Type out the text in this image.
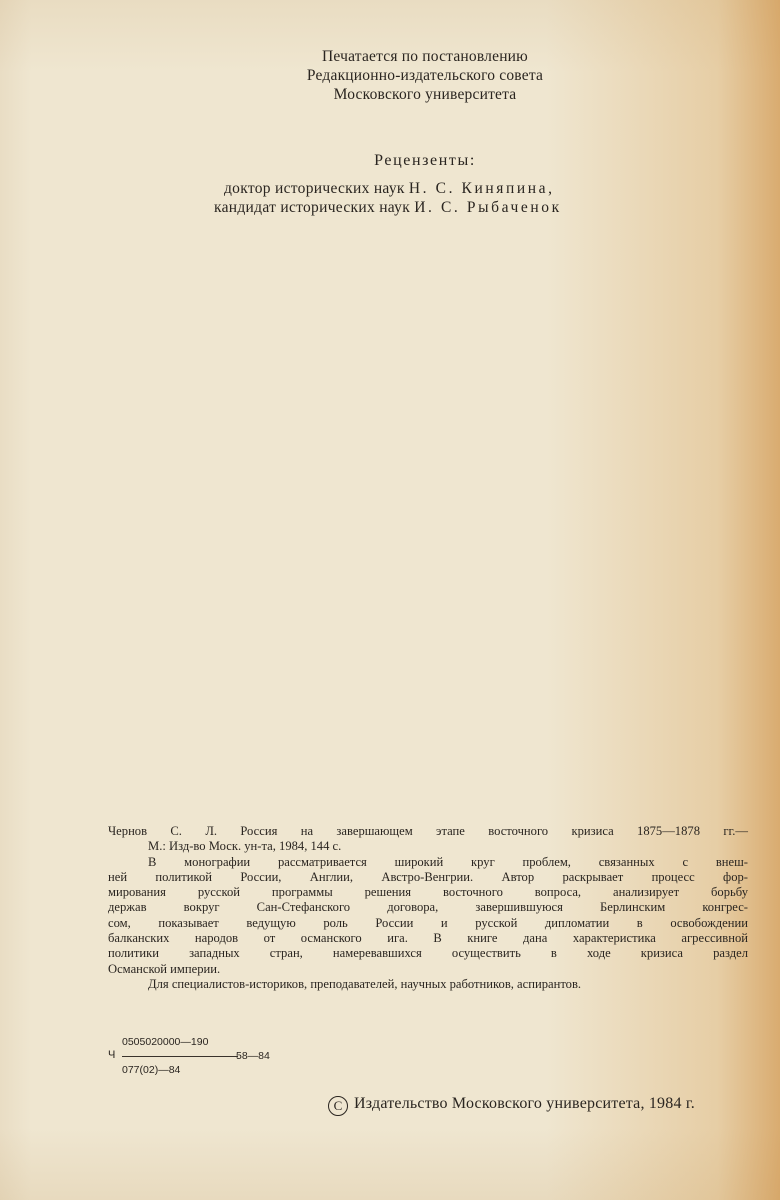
Печатается по постановлению
Редакционно-издательского совета
Московского университета
Рецензенты:
доктор исторических наук Н. С. Киняпина,
кандидат исторических наук И. С. Рыбаченок
Чернов С. Л. Россия на завершающем этапе восточного кризиса 1875—1878 гг.—
М.: Изд-во Моск. ун-та, 1984, 144 с.
В монографии рассматривается широкий круг проблем, связанных с внеш-
ней политикой России, Англии, Австро-Венгрии. Автор раскрывает процесс фор-
мирования русской программы решения восточного вопроса, анализирует борьбу
держав вокруг Сан-Стефанского договора, завершившуюся Берлинским конгрес-
сом, показывает ведущую роль России и русской дипломатии в освобождении
балканских народов от османского ига. В книге дана характеристика агрессивной
политики западных стран, намеревавшихся осуществить в ходе кризиса раздел
Османской империи.
Для специалистов-историков, преподавателей, научных работников, аспирантов.
Ч
0505020000—190
077(02)—84
58—84
C Издательство Московского университета, 1984 г.
